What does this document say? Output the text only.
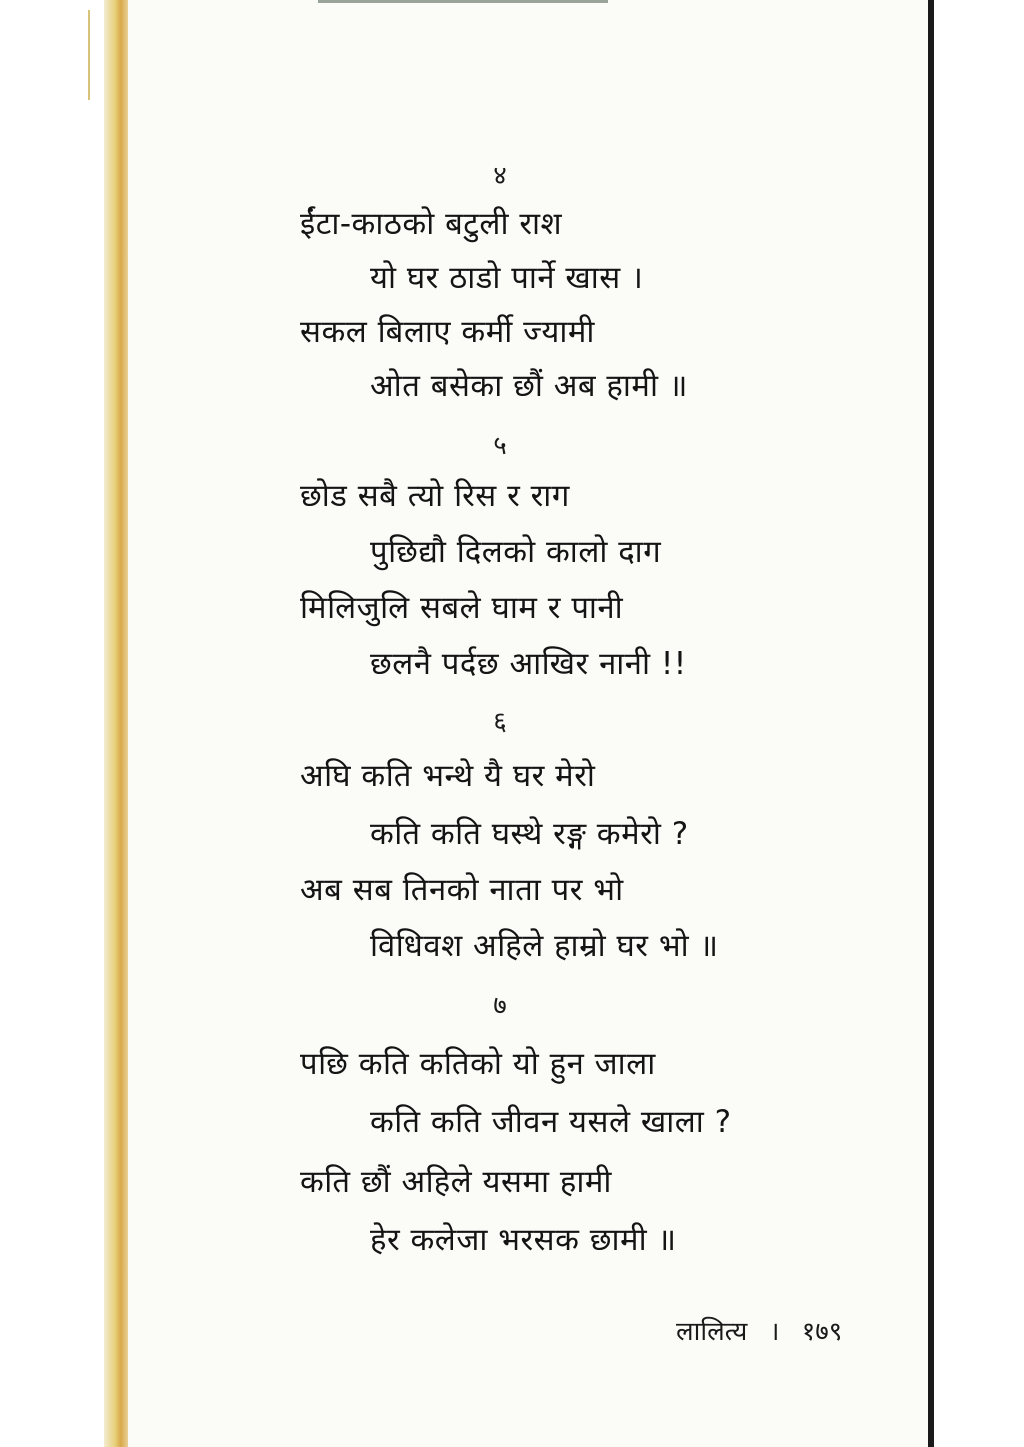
४
ईंटा-काठको बटुली राश
यो घर ठाडो पार्ने खास ।
सकल बिलाए कर्मी ज्यामी
ओत बसेका छौं अब हामी ॥
५
छोड सबै त्यो रिस र राग
पुछिद्यौ दिलको कालो दाग
मिलिजुलि सबले घाम र पानी
छलनै पर्दछ आखिर नानी !!
६
अघि कति भन्थे यै घर मेरो
कति कति घस्थे रङ्ग कमेरो ?
अब सब तिनको नाता पर भो
विधिवश अहिले हाम्रो घर भो ॥
७
पछि कति कतिको यो हुन जाला
कति कति जीवन यसले खाला ?
कति छौं अहिले यसमा हामी
हेर कलेजा भरसक छामी ॥
लालित्य । १७९
